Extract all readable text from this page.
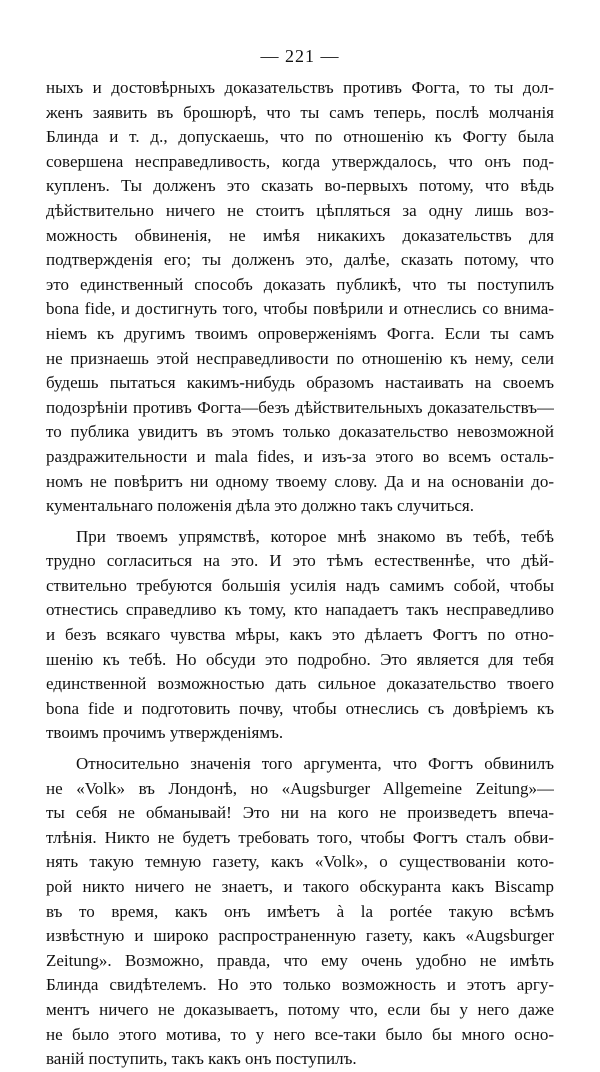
— 221 —
ныхъ и достовѣрныхъ доказательствъ противъ Фогта, то ты дол-
женъ заявить въ брошюрѣ, что ты самъ теперь, послѣ молчанія
Блинда и т. д., допускаешь, что по отношенію къ Фогту была
совершена несправедливость, когда утверждалось, что онъ под-
купленъ. Ты долженъ это сказать во-первыхъ потому, что вѣдь
дѣйствительно ничего не стоитъ цѣпляться за одну лишь воз-
можность обвиненія, не имѣя никакихъ доказательствъ для
подтвержденія его; ты долженъ это, далѣе, сказать потому, что
это единственный способъ доказать публикѣ, что ты поступилъ
bona fide, и достигнуть того, чтобы повѣрили и отнеслись со внима-
ніемъ къ другимъ твоимъ опроверженіямъ Фогга. Если ты самъ
не признаешь этой несправедливости по отношенію къ нему, сели
будешь пытаться какимъ-нибудь образомъ настаивать на своемъ
подозрѣніи противъ Фогта—безъ дѣйствительныхъ доказательствъ—
то публика увидитъ въ этомъ только доказательство невозможной
раздражительности и mala fides, и изъ-за этого во всемъ осталь-
номъ не повѣритъ ни одному твоему слову. Да и на основаніи до-
кументальнаго положенія дѣла это должно такъ случиться.
При твоемъ упрямствѣ, которое мнѣ знакомо въ тебѣ, тебѣ
трудно согласиться на это. И это тѣмъ естественнѣе, что дѣй-
ствительно требуются большія усилія надъ самимъ собой, чтобы
отнестись справедливо къ тому, кто нападаетъ такъ несправедливо
и безъ всякаго чувства мѣры, какъ это дѣлаетъ Фогтъ по отно-
шенію къ тебѣ. Но обсуди это подробно. Это является для тебя
единственной возможностью дать сильное доказательство твоего
bona fide и подготовить почву, чтобы отнеслись съ довѣріемъ къ
твоимъ прочимъ утвержденіямъ.
Относительно значенія того аргумента, что Фогтъ обвинилъ
не «Volk» въ Лондонѣ, но «Augsburger Allgemeine Zeitung»—
ты себя не обманывай! Это ни на кого не произведетъ впеча-
тлѣнія. Никто не будетъ требовать того, чтобы Фогтъ сталъ обви-
нять такую темную газету, какъ «Volk», о существованіи кото-
рой никто ничего не знаетъ, и такого обскуранта какъ Biscamp
въ то время, какъ онъ имѣетъ à la portée такую всѣмъ
извѣстную и широко распространенную газету, какъ «Augsburger
Zeitung». Возможно, правда, что ему очень удобно не имѣть
Блинда свидѣтелемъ. Но это только возможность и этотъ аргу-
ментъ ничего не доказываетъ, потому что, если бы у него даже
не было этого мотива, то у него все-таки было бы много осно-
ваній поступить, такъ какъ онъ поступилъ.
